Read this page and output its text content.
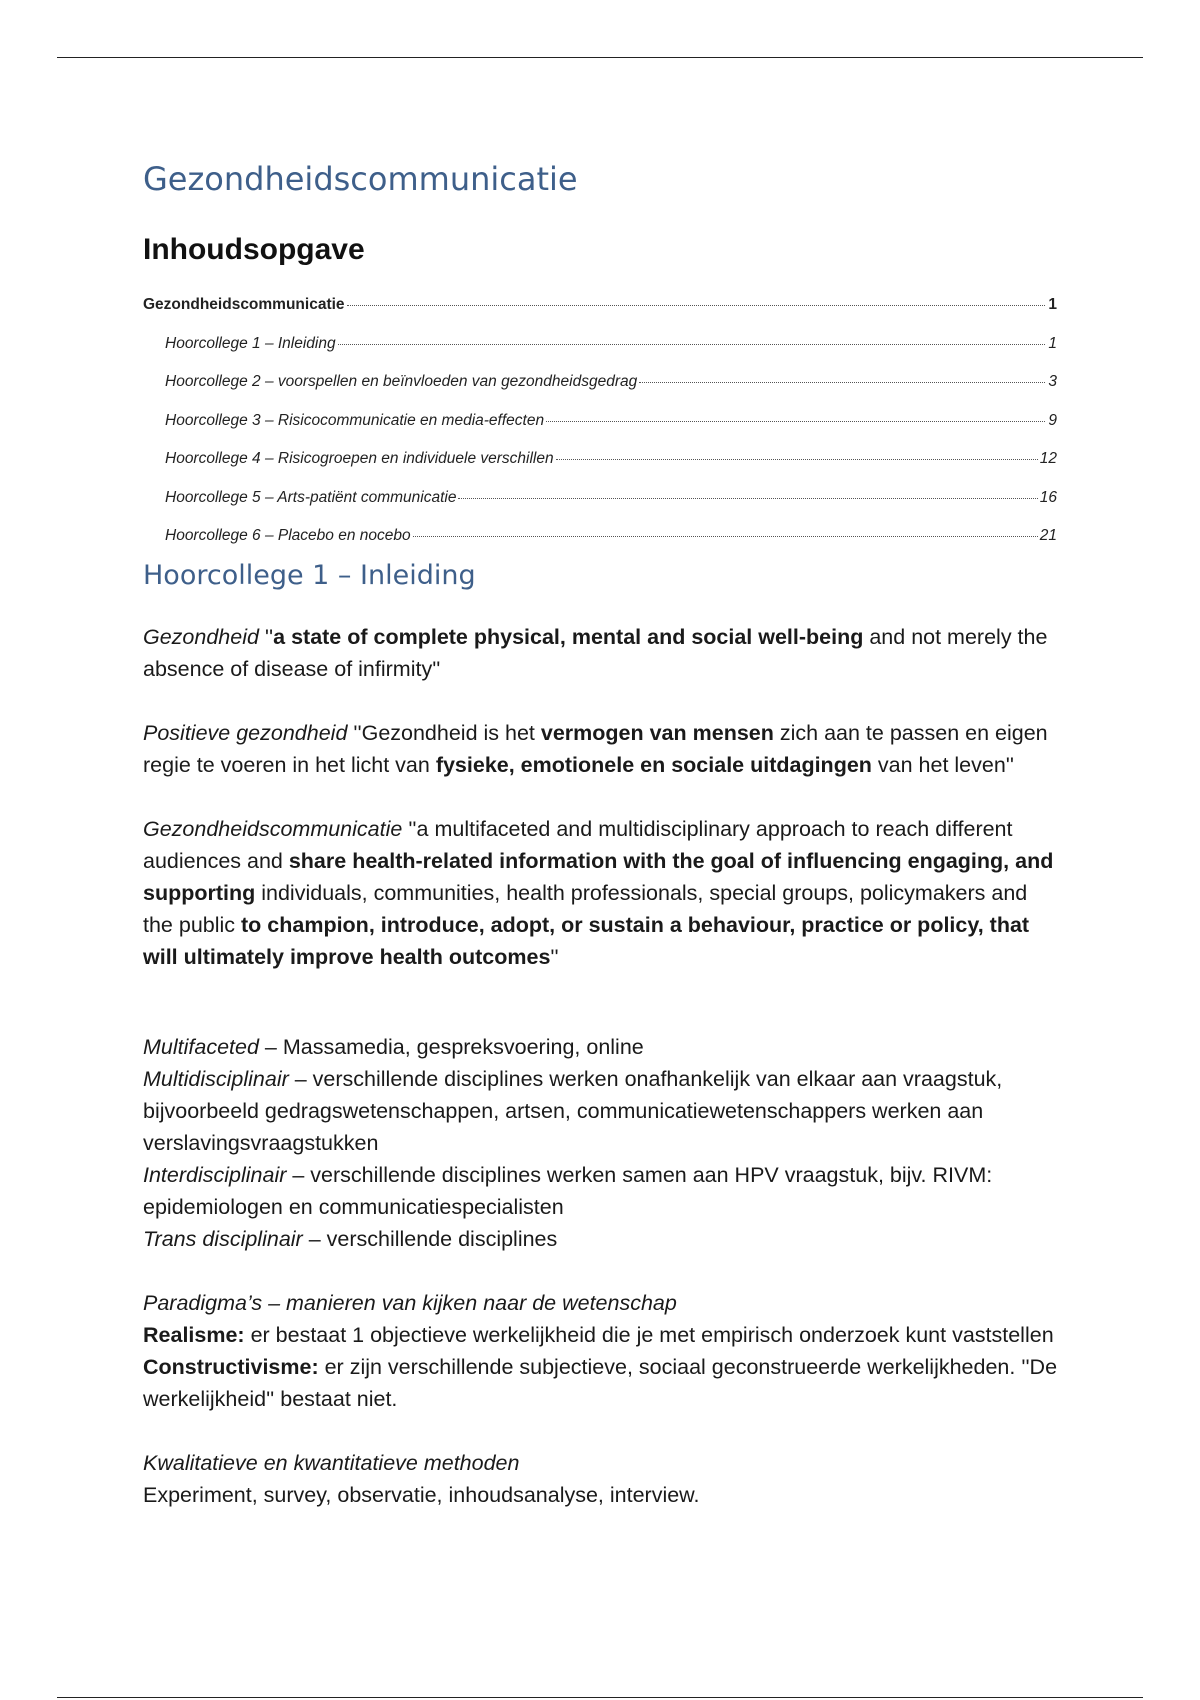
Gezondheidscommunicatie
Inhoudsopgave
Gezondheidscommunicatie	1
Hoorcollege 1 – Inleiding	1
Hoorcollege 2 – voorspellen en beïnvloeden van gezondheidsgedrag	3
Hoorcollege 3 – Risicocommunicatie en media-effecten	9
Hoorcollege 4 – Risicogroepen en individuele verschillen	12
Hoorcollege 5 – Arts-patiënt communicatie	16
Hoorcollege 6 – Placebo en nocebo	21
Hoorcollege 1 – Inleiding

Gezondheid ''a state of complete physical, mental and social well-being and not merely the absence of disease of infirmity''

Positieve gezondheid ''Gezondheid is het vermogen van mensen zich aan te passen en eigen regie te voeren in het licht van fysieke, emotionele en sociale uitdagingen van het leven''

Gezondheidscommunicatie ''a multifaceted and multidisciplinary approach to reach different audiences and share health-related information with the goal of influencing engaging, and supporting individuals, communities, health professionals, special groups, policymakers and the public to champion, introduce, adopt, or sustain a behaviour, practice or policy, that will ultimately improve health outcomes''

Multifaceted – Massamedia, gespreksvoering, online

Multidisciplinair – verschillende disciplines werken onafhankelijk van elkaar aan vraagstuk, bijvoorbeeld gedragswetenschappen, artsen, communicatiewetenschappers werken aan verslavingsvraagstukken

Interdisciplinair – verschillende disciplines werken samen aan HPV vraagstuk, bijv. RIVM: epidemiologen en communicatiespecialisten

Trans disciplinair – verschillende disciplines

Paradigma’s – manieren van kijken naar de wetenschap

Realisme: er bestaat 1 objectieve werkelijkheid die je met empirisch onderzoek kunt vaststellen

Constructivisme: er zijn verschillende subjectieve, sociaal geconstrueerde werkelijkheden. ''De werkelijkheid'' bestaat niet.

Kwalitatieve en kwantitatieve methoden

Experiment, survey, observatie, inhoudsanalyse, interview.
